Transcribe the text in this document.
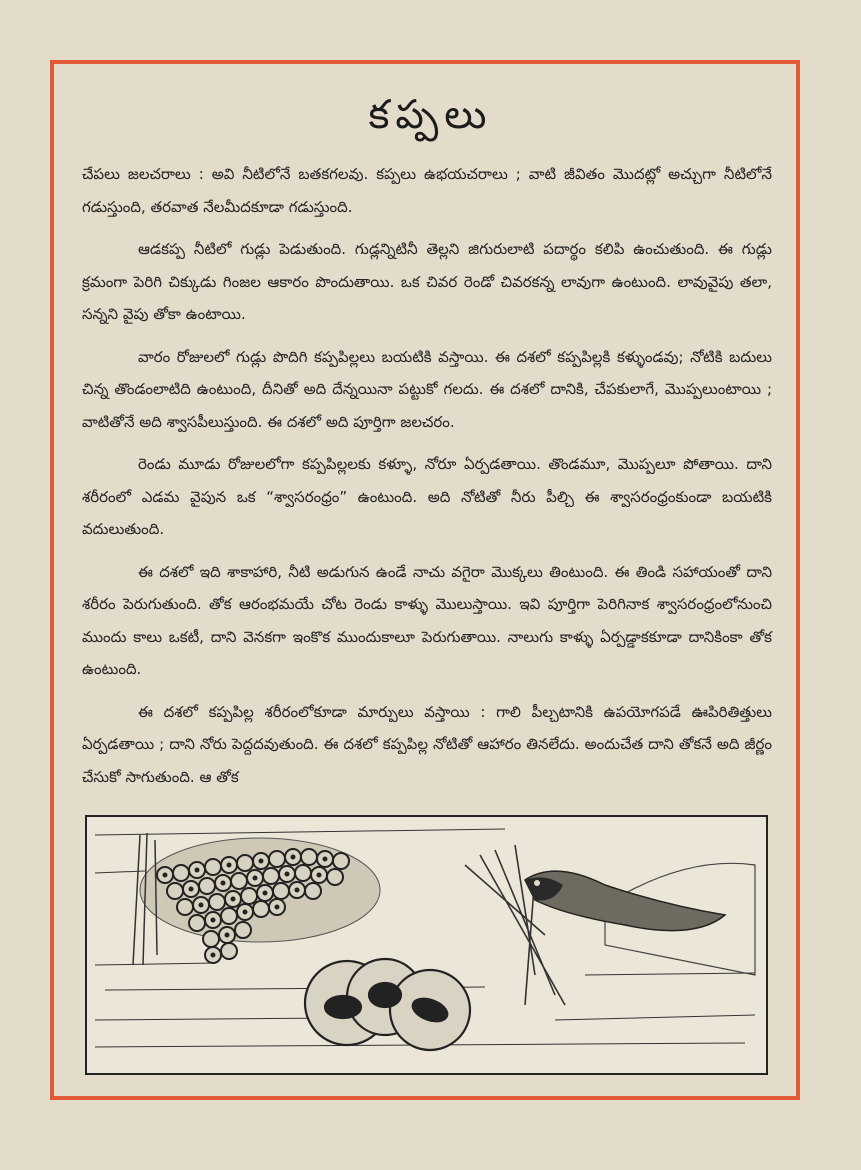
కప్పలు

చేపలు జలచరాలు : అవి నీటిలోనే బతకగలవు. కప్పలు ఉభయచరాలు ; వాటి జీవితం మొదట్లో అచ్చుగా నీటిలోనే గడుస్తుంది, తరవాత నేలమీదకూడా గడుస్తుంది.

ఆడకప్ప నీటిలో గుడ్లు పెడుతుంది. గుడ్లన్నిటినీ తెల్లని జిగురులాటి పదార్థం కలిపి ఉంచుతుంది. ఈ గుడ్లు క్రమంగా పెరిగి చిక్కుడు గింజల ఆకారం పొందుతాయి. ఒక చివర రెండో చివరకన్న లావుగా ఉంటుంది. లావువైపు తలా, సన్నని వైపు తోకా ఉంటాయి.

వారం రోజులలో గుడ్లు పొదిగి కప్పపిల్లలు బయటికి వస్తాయి. ఈ దశలో కప్పపిల్లకి కళ్ళుండవు; నోటికి బదులు చిన్న తొండంలాటిది ఉంటుంది, దీనితో అది దేన్నయినా పట్టుకో గలదు. ఈ దశలో దానికి, చేపకులాగే, మొప్పలుంటాయి ; వాటితోనే అది శ్వాసపీలుస్తుంది. ఈ దశలో అది పూర్తిగా జలచరం.

రెండు మూడు రోజులలోగా కప్పపిల్లలకు కళ్ళూ, నోరూ ఏర్పడతాయి. తొండమూ, మొప్పలూ పోతాయి. దాని శరీరంలో ఎడమ వైపున ఒక “శ్వాసరంధ్రం” ఉంటుంది. అది నోటితో నీరు పీల్చి ఈ శ్వాసరంధ్రంకుండా బయటికి వదులుతుంది.

ఈ దశలో ఇది శాకాహారి, నీటి అడుగున ఉండే నాచు వగైరా మొక్కలు తింటుంది. ఈ తిండి సహాయంతో దాని శరీరం పెరుగుతుంది. తోక ఆరంభమయే చోట రెండు కాళ్ళు మొలుస్తాయి. ఇవి పూర్తిగా పెరిగినాక శ్వాసరంధ్రంలోనుంచి ముందు కాలు ఒకటీ, దాని వెనకగా ఇంకొక ముందుకాలూ పెరుగుతాయి. నాలుగు కాళ్ళు ఏర్పడ్డాకకూడా దానికింకా తోక ఉంటుంది.

ఈ దశలో కప్పపిల్ల శరీరంలోకూడా మార్పులు వస్తాయి : గాలి పీల్చటానికి ఉపయోగపడే ఊపిరితిత్తులు ఏర్పడతాయి ; దాని నోరు పెద్దదవుతుంది. ఈ దశలో కప్పపిల్ల నోటితో ఆహారం తినలేదు. అందుచేత దాని తోకనే అది జీర్ణం చేసుకో సాగుతుంది. ఆ తోక
